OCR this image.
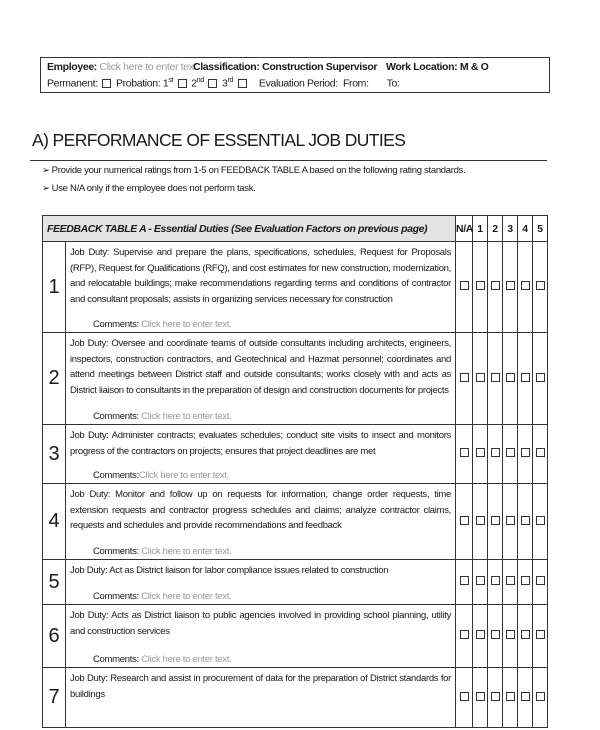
Employee: Click here to enter text.
Classification: Construction Supervisor Work Location: M & O
Permanent: Probation: 1st 2nd 3rd Evaluation Period: From: To:
A) PERFORMANCE OF ESSENTIAL JOB DUTIES
➢ Provide your numerical ratings from 1-5 on FEEDBACK TABLE A based on the following rating standards.
➢ Use N/A only if the employee does not perform task.
FEEDBACK TABLE A - Essential Duties (See Evaluation Factors on previous page)		N/A	1	2	3	4	5
1	Job Duty: Supervise and prepare the plans, specifications, schedules, Request for Proposals (RFP), Request for Qualifications (RFQ), and cost estimates for new construction, modernization, and relocatable buildings; make recommendations regarding terms and conditions of contractor and consultant proposals; assists in organizing services necessary for construction
Comments: Click here to enter text.						

2	Job Duty: Oversee and coordinate teams of outside consultants including architects, engineers, inspectors, construction contractors, and Geotechnical and Hazmat personnel; coordinates and attend meetings between District staff and outside consultants; works closely with and acts as District liaison to consultants in the preparation of design and construction documents for projects
Comments: Click here to enter text.						

3	Job Duty: Administer contracts; evaluates schedules; conduct site visits to insect and monitors progress of the contractors on projects; ensures that project deadlines are met
Comments:Click here to enter text.						

4	Job Duty: Monitor and follow up on requests for information, change order requests, time extension requests and contractor progress schedules and claims; analyze contractor claims, requests and schedules and provide recommendations and feedback
Comments: Click here to enter text.						

5	Job Duty: Act as District liaison for labor compliance issues related to construction
Comments: Click here to enter text.						

6	Job Duty: Acts as District liaison to public agencies involved in providing school planning, utility and construction services
Comments: Click here to enter text.						

7	Job Duty: Research and assist in procurement of data for the preparation of District standards for buildings						
